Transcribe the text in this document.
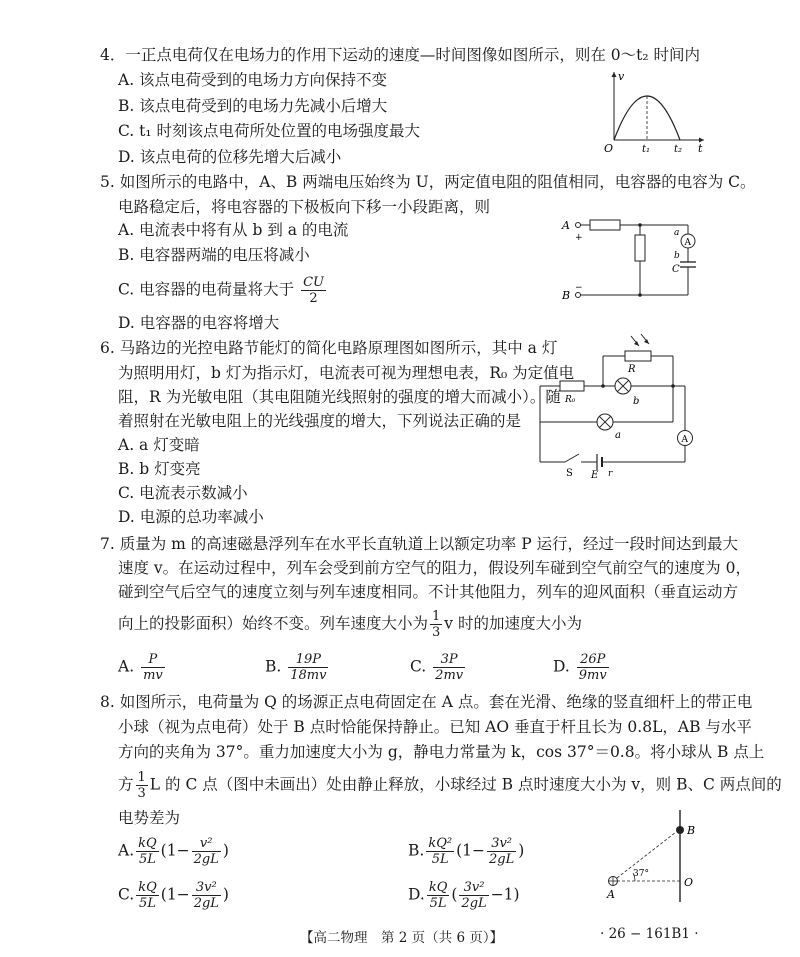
4．一正点电荷仅在电场力的作用下运动的速度—时间图像如图所示，则在 0～t₂ 时间内
A. 该点电荷受到的电场力方向保持不变
B. 该点电荷受到的电场力先减小后增大
C. t₁ 时刻该点电荷所处位置的电场强度最大
D. 该点电荷的位移先增大后减小
v
O	t₁ t₂ t
5. 如图所示的电路中，A、B 两端电压始终为 U，两定值电阻的阻值相同，电容器的电容为 C。
电路稳定后，将电容器的下极板向下移一小段距离，则
A. 电流表中将有从 b 到 a 的电流
B. 电容器两端的电压将减小
C. 电容器的电荷量将大于 $\frac{CU}{2}$
D. 电容器的电容将增大
A
B
+
−
A
a
b
C
6. 马路边的光控电路节能灯的简化电路原理图如图所示，其中 a 灯
为照明用灯，b 灯为指示灯，电流表可视为理想电表，R₀ 为定值电
阻，R 为光敏电阻（其电阻随光线照射的强度的增大而减小）。随
着照射在光敏电阻上的光线强度的增大，下列说法正确的是
A. a 灯变暗
B. b 灯变亮
C. 电流表示数减小
D. 电源的总功率减小
R
R₀	b
a	A
S E r
7. 质量为 m 的高速磁悬浮列车在水平长直轨道上以额定功率 P 运行，经过一段时间达到最大
速度 v。在运动过程中，列车会受到前方空气的阻力，假设列车碰到空气前空气的速度为 0，
碰到空气后空气的速度立刻与列车速度相同。不计其他阻力，列车的迎风面积（垂直运动方
向上的投影面积）始终不变。列车速度大小为 $\frac{1}{3}$ v 时的加速度大小为
A. $\frac{P}{mv}$	B. $\frac{19P}{18mv}$	C. $\frac{3P}{2mv}$	D. $\frac{26P}{9mv}$
8. 如图所示，电荷量为 Q 的场源正点电荷固定在 A 点。套在光滑、绝缘的竖直细杆上的带正电
小球（视为点电荷）处于 B 点时恰能保持静止。已知 AO 垂直于杆且长为 0.8L，AB 与水平
方向的夹角为 37°。重力加速度大小为 g，静电力常量为 k，cos 37°＝0.8。将小球从 B 点上
方 $\frac{1}{3}$ L 的 C 点（图中未画出）处由静止释放，小球经过 B 点时速度大小为 v，则 B、C 两点间的
电势差为
A. $\frac{kQ}{5L} (1- \frac{\text{v²}}{2gL}$ )	B. $\frac{\text{kQ²}}{5L} (1- \frac{\text{3v²}}{2gL}$ )
C. $\frac{kQ}{5L} (1- \frac{\text{3v²}}{2gL}$ )	D. $\frac{kQ}{5L}$ ( $\frac{\text{3v²}}{2gL} -1$)
B
A
O
37°
【高二物理　第 2 页（共 6 页）】	· 26 − 161B1 ·
